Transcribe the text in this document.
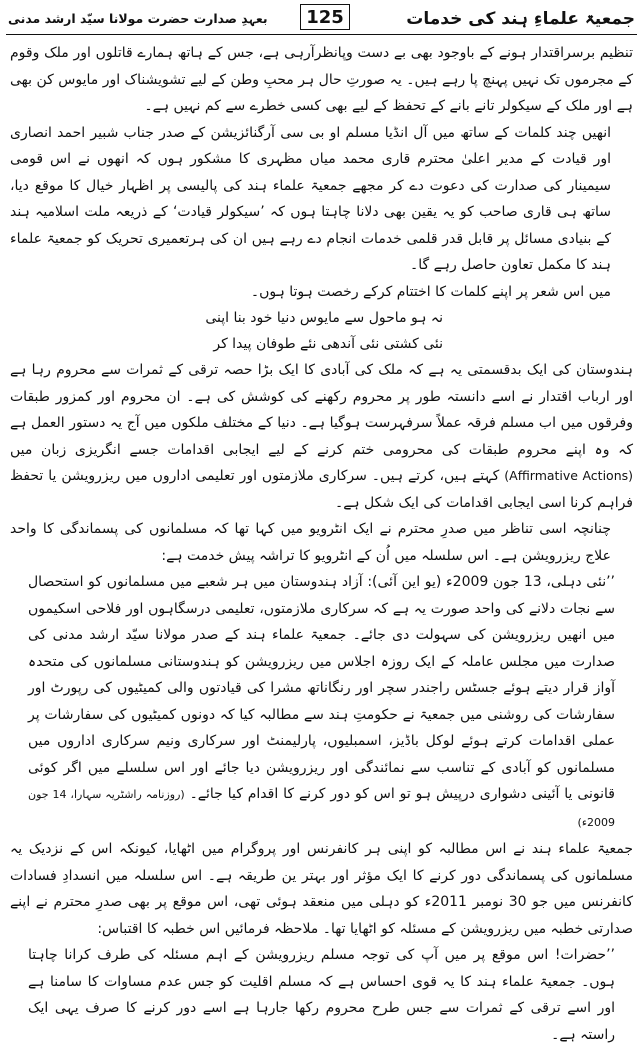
جمعیۃ علماءِ ہند کی خدمات
125
بعہدِ صدارت حضرت مولانا سیّد ارشد مدنی

تنظیم برسراقتدار ہونے کے باوجود بھی بے دست وپانظرآرہی ہے، جس کے ہاتھ ہمارے قاتلوں اور ملک وقوم کے مجرموں تک نہیں پہنچ پا رہے ہیں۔ یہ صورتِ حال ہر محبِ وطن کے لیے تشویشناک اور مایوس کن بھی ہے اور ملک کے سیکولر تانے بانے کے تحفظ کے لیے بھی کسی خطرے سے کم نہیں ہے۔

انھیں چند کلمات کے ساتھ میں آل انڈیا مسلم او بی سی آرگنائزیشن کے صدر جناب شبیر احمد انصاری اور قیادت کے مدیر اعلیٰ محترم قاری محمد میاں مظہری کا مشکور ہوں کہ انھوں نے اس قومی سیمینار کی صدارت کی دعوت دے کر مجھے جمعیۃ علماء ہند کی پالیسی پر اظہار خیال کا موقع دیا، ساتھ ہی قاری صاحب کو یہ یقین بھی دلانا چاہتا ہوں کہ ’سیکولر قیادت‘ کے ذریعہ ملت اسلامیہ ہند کے بنیادی مسائل پر قابل قدر قلمی خدمات انجام دے رہے ہیں ان کی ہرتعمیری تحریک کو جمعیۃ علماء ہند کا مکمل تعاون حاصل رہے گا۔

میں اس شعر پر اپنے کلمات کا اختتام کرکے رخصت ہوتا ہوں۔

نہ ہو ماحول سے مایوس دنیا خود بنا اپنی

نئی کشتی نئی آندھی نئے طوفان پیدا کر

ہندوستان کی ایک بدقسمتی یہ ہے کہ ملک کی آبادی کا ایک بڑا حصہ ترقی کے ثمرات سے محروم رہا ہے اور ارباب اقتدار نے اسے دانستہ طور پر محروم رکھنے کی کوشش کی ہے۔ ان محروم اور کمزور طبقات وفرقوں میں اب مسلم فرقہ عملاً سرفہرست ہوگیا ہے۔ دنیا کے مختلف ملکوں میں آج یہ دستور العمل ہے کہ وہ اپنے محروم طبقات کی محرومی ختم کرنے کے لیے ایجابی اقدامات جسے انگریزی زبان میں (Affirmative Actions) کہتے ہیں، کرتے ہیں۔ سرکاری ملازمتوں اور تعلیمی اداروں میں ریزرویشن یا تحفظ فراہم کرنا اسی ایجابی اقدامات کی ایک شکل ہے۔

چنانچہ اسی تناظر میں صدرِ محترم نے ایک انٹرویو میں کہا تھا کہ مسلمانوں کی پسماندگی کا واحد علاج ریزرویشن ہے۔ اس سلسلہ میں اُن کے انٹرویو کا تراشہ پیش خدمت ہے:

’’نئی دہلی، 13 جون 2009ء (یو این آئی): آزاد ہندوستان میں ہر شعبے میں مسلمانوں کو استحصال سے نجات دلانے کی واحد صورت یہ ہے کہ سرکاری ملازمتوں، تعلیمی درسگاہوں اور فلاحی اسکیموں میں انھیں ریزرویشن کی سہولت دی جائے۔ جمعیۃ علماء ہند کے صدر مولانا سیّد ارشد مدنی کی صدارت میں مجلس عاملہ کے ایک روزہ اجلاس میں ریزرویشن کو ہندوستانی مسلمانوں کی متحدہ آواز قرار دیتے ہوئے جسٹس راجندر سچر اور رنگاناتھ مشرا کی قیادتوں والی کمیٹیوں کی رپورٹ اور سفارشات کی روشنی میں جمعیۃ نے حکومتِ ہند سے مطالبہ کیا کہ دونوں کمیٹیوں کی سفارشات پر عملی اقدامات کرتے ہوئے لوکل باڈیز، اسمبلیوں، پارلیمنٹ اور سرکاری ونیم سرکاری اداروں میں مسلمانوں کو آبادی کے تناسب سے نمائندگی اور ریزرویشن دیا جائے اور اس سلسلے میں اگر کوئی قانونی یا آئینی دشواری درپیش ہو تو اس کو دور کرنے کا اقدام کیا جائے۔ (روزنامہ راشٹریہ سہارا، 14 جون 2009ء)

جمعیۃ علماء ہند نے اس مطالبہ کو اپنی ہر کانفرنس اور پروگرام میں اٹھایا، کیونکہ اس کے نزدیک یہ مسلمانوں کی پسماندگی دور کرنے کا ایک مؤثر اور بہتر ین طریقہ ہے۔ اس سلسلہ میں انسدادِ فسادات کانفرنس میں جو 30 نومبر 2011ء کو دہلی میں منعقد ہوئی تھی، اس موقع پر بھی صدرِ محترم نے اپنے صدارتی خطبہ میں ریزرویشن کے مسئلہ کو اٹھایا تھا۔ ملاحظہ فرمائیں اس خطبہ کا اقتباس:

’’حضرات! اس موقع پر میں آپ کی توجہ مسلم ریزرویشن کے اہم مسئلہ کی طرف کرانا چاہتا ہوں۔ جمعیۃ علماء ہند کا یہ قوی احساس ہے کہ مسلم اقلیت کو جس عدم مساوات کا سامنا ہے اور اسے ترقی کے ثمرات سے جس طرح محروم رکھا جارہا ہے اسے دور کرنے کا صرف یہی ایک راستہ ہے۔
